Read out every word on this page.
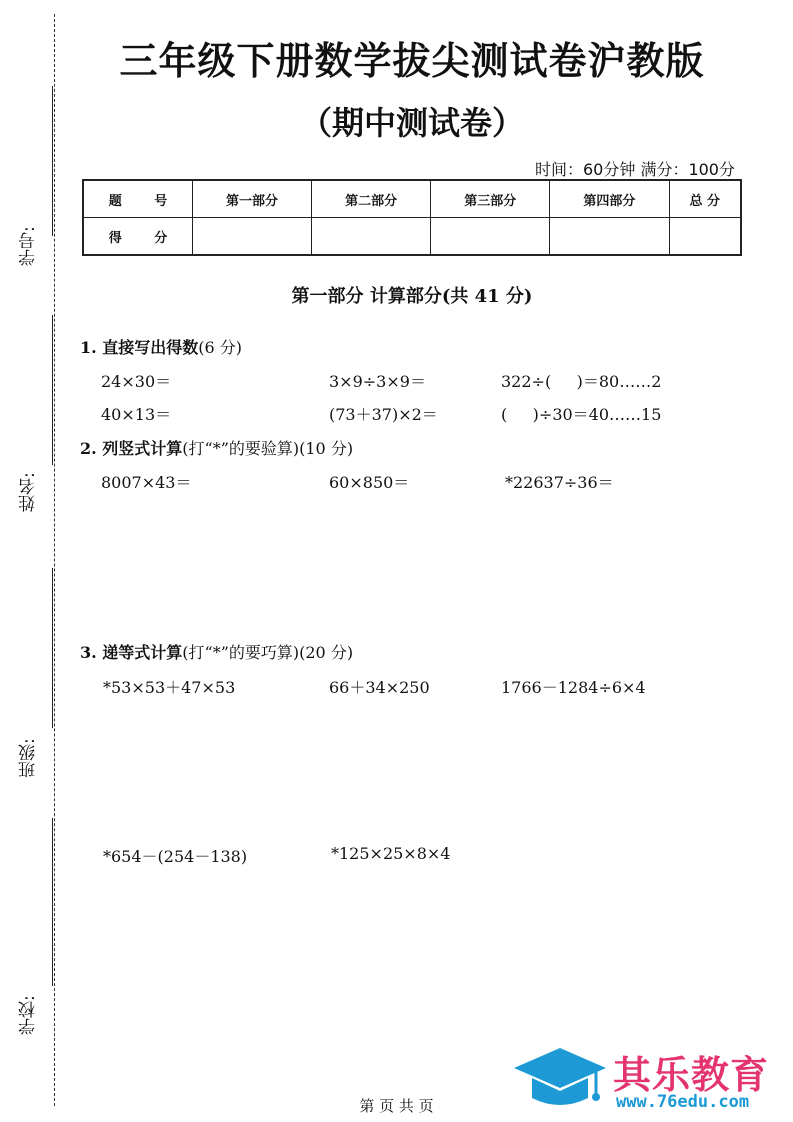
学号:
姓名:
班级:
学校:
三年级下册数学拔尖测试卷沪教版
（期中测试卷）
时间：60分钟 满分：100分
题 号	第一部分	第二部分	第三部分	第四部分	总 分
得 分					
第一部分 计算部分(共 41 分)
1. 直接写出得数(6 分)
24×30＝	3×9÷3×9＝	322÷(     )＝80……2
40×13＝	(73＋37)×2＝	(     )÷30＝40……15
2. 列竖式计算(打“*”的要验算)(10 分)
8007×43＝	60×850＝	*22637÷36＝
3. 递等式计算(打“*”的要巧算)(20 分)
*53×53＋47×53	66＋34×250	1766－1284÷6×4
*654－(254－138)	*125×25×8×4
第 页 共 页
其乐教育
www.76edu.com
